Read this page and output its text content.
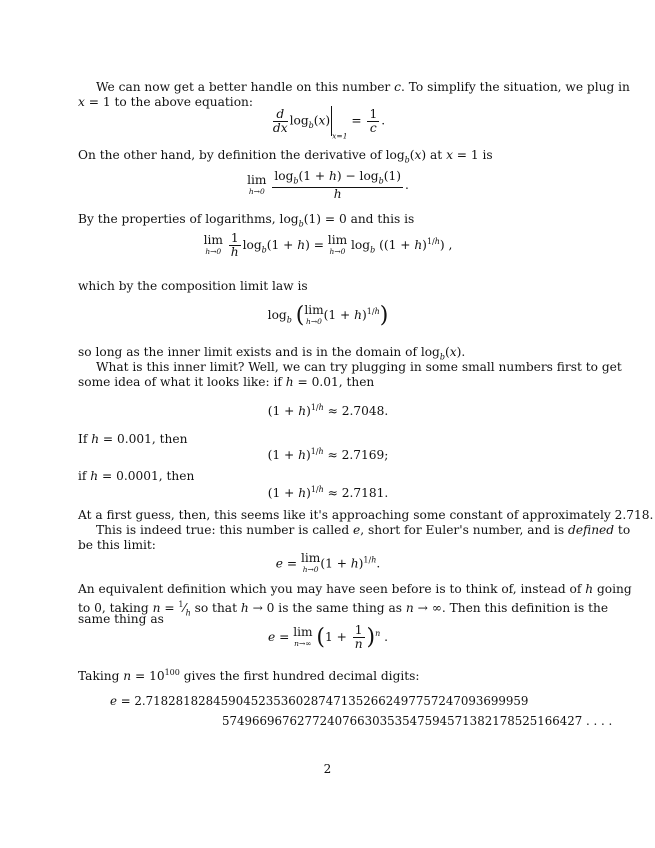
We can now get a better handle on this number c. To simplify the situation, we plug in
x = 1 to the above equation:
$\frac{d}{dx} \log_b(x)_{x=1} = \frac{1}{c}$ .
On the other hand, by definition the derivative of $\log_b(x)$ at x = 1 is
lim
h→0
$\frac{\log_b(1 + h) - \log_b(1)}{h}$ .
By the properties of logarithms, $\log_b(1) = 0$ and this is
lim
h→0
$\frac{1}{h} \log_b(1 + h) = \lim$
h→0 $\log_b ((1 + h)^{1/h})$ ,
which by the composition limit law is
$\log_b (\lim$
h→0 $(1 + h)^{1/h}$)
so long as the inner limit exists and is in the domain of $\log_b(x)$.
What is this inner limit? Well, we can try plugging in some small numbers first to get
some idea of what it looks like: if h = 0.01, then
$(1 + h)^{1/h} \approx 2.7048$.
If h = 0.001, then
$(1 + h)^{1/h} \approx 2.7169$;
if h = 0.0001, then
$(1 + h)^{1/h} \approx 2.7181$.
At a first guess, then, this seems like it's approaching some constant of approximately 2.718.
This is indeed true: this number is called e, short for Euler's number, and is defined to
be this limit:
e = lim
h→0 $(1 + h)^{1/h}$.
An equivalent definition which you may have seen before is to think of, instead of h going
to 0, taking $n = ^1⁄_h$ so that h → 0 is the same thing as n → ∞. Then this definition is the
same thing as
e = lim
n→∞ $(1 + \frac{1}{n} )^n$ .
Taking $n = 10^{100}$ gives the first hundred decimal digits:
e = 2.718281828459045235360287471352662497757247093699959
57496696762772407663035354759457138217852516642​7 . . . .
2
